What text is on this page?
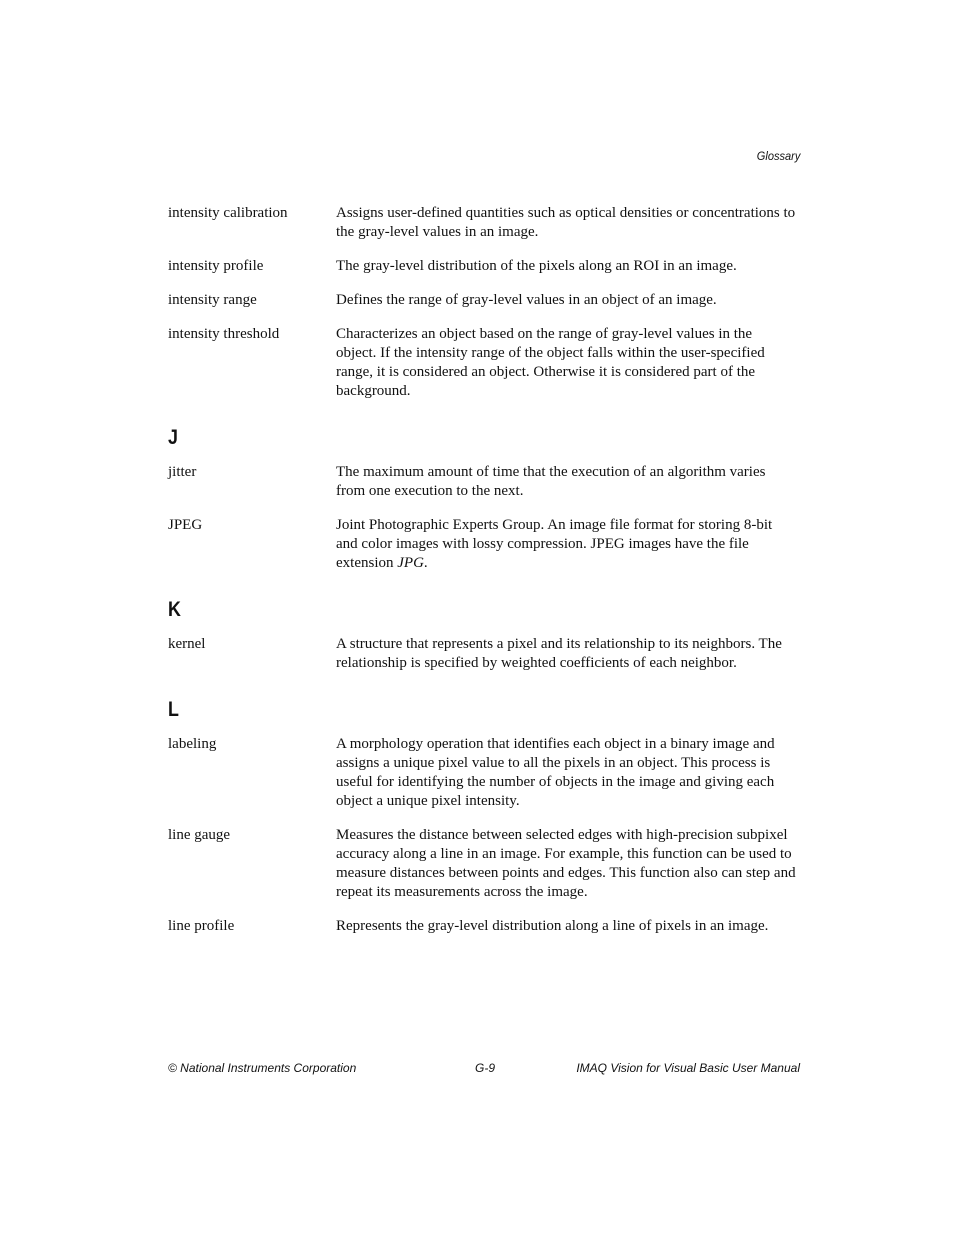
Glossary
intensity calibration	Assigns user-defined quantities such as optical densities or concentrations to the gray-level values in an image.
intensity profile	The gray-level distribution of the pixels along an ROI in an image.
intensity range	Defines the range of gray-level values in an object of an image.
intensity threshold	Characterizes an object based on the range of gray-level values in the object. If the intensity range of the object falls within the user-specified range, it is considered an object. Otherwise it is considered part of the background.
J
jitter	The maximum amount of time that the execution of an algorithm varies from one execution to the next.
JPEG	Joint Photographic Experts Group. An image file format for storing 8-bit and color images with lossy compression. JPEG images have the file extension JPG.
K
kernel	A structure that represents a pixel and its relationship to its neighbors. The relationship is specified by weighted coefficients of each neighbor.
L
labeling	A morphology operation that identifies each object in a binary image and assigns a unique pixel value to all the pixels in an object. This process is useful for identifying the number of objects in the image and giving each object a unique pixel intensity.
line gauge	Measures the distance between selected edges with high-precision subpixel accuracy along a line in an image. For example, this function can be used to measure distances between points and edges. This function also can step and repeat its measurements across the image.
line profile	Represents the gray-level distribution along a line of pixels in an image.
© National Instruments Corporation	G-9	IMAQ Vision for Visual Basic User Manual
